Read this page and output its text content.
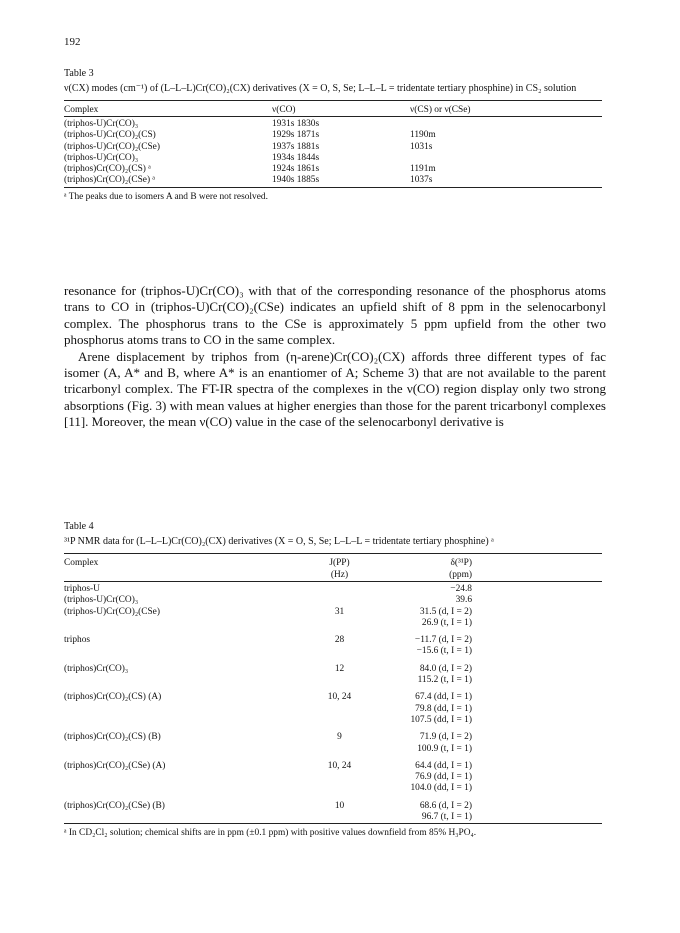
192

Table 3

ν(CX) modes (cm⁻¹) of (L–L–L)Cr(CO)₂(CX) derivatives (X = O, S, Se; L–L–L = tridentate tertiary phosphine) in CS₂ solution

Complex	ν(CO)	ν(CS) or ν(CSe)
(triphos-U)Cr(CO)₃	1931s 1830s	
(triphos-U)Cr(CO)₂(CS)	1929s 1871s	1190m
(triphos-U)Cr(CO)₂(CSe)	1937s 1881s	1031s
(triphos-U)Cr(CO)₃	1934s 1844s	
(triphos)Cr(CO)₂(CS) ᵃ	1924s 1861s	1191m
(triphos)Cr(CO)₂(CSe) ᵃ	1940s 1885s	1037s
ᵃ The peaks due to isomers A and B were not resolved.

resonance for (triphos-U)Cr(CO)₃ with that of the corresponding resonance of the phosphorus atoms trans to CO in (triphos-U)Cr(CO)₂(CSe) indicates an upfield shift of 8 ppm in the selenocarbonyl complex. The phosphorus trans to the CSe is approximately 5 ppm upfield from the other two phosphorus atoms trans to CO in the same complex.

Arene displacement by triphos from (η-arene)Cr(CO)₂(CX) affords three different types of fac isomer (A, A* and B, where A* is an enantiomer of A; Scheme 3) that are not available to the parent tricarbonyl complex. The FT-IR spectra of the complexes in the ν(CO) region display only two strong absorptions (Fig. 3) with mean values at higher energies than those for the parent tricarbonyl complexes [11]. Moreover, the mean ν(CO) value in the case of the selenocarbonyl derivative is

Table 4

³¹P NMR data for (L–L–L)Cr(CO)₂(CX) derivatives (X = O, S, Se; L–L–L = tridentate tertiary phosphine) ᵃ

Complex	J(PP)	δ(³¹P)	
	(Hz)	(ppm)	
triphos-U		−24.8	
(triphos-U)Cr(CO)₃		39.6	
(triphos-U)Cr(CO)₂(CSe)	31	31.5 (d, I = 2)	
		26.9 (t, I = 1)	
triphos	28	−11.7 (d, I = 2)	
		−15.6 (t, I = 1)	
(triphos)Cr(CO)₃	12	84.0 (d, I = 2)	
		115.2 (t, I = 1)	
(triphos)Cr(CO)₂(CS) (A)	10, 24	67.4 (dd, I = 1)	
		79.8 (dd, I = 1)	
		107.5 (dd, I = 1)	
(triphos)Cr(CO)₂(CS) (B)	9	71.9 (d, I = 2)	
		100.9 (t, I = 1)	
(triphos)Cr(CO)₂(CSe) (A)	10, 24	64.4 (dd, I = 1)	
		76.9 (dd, I = 1)	
		104.0 (dd, I = 1)	
(triphos)Cr(CO)₂(CSe) (B)	10	68.6 (d, I = 2)	
		96.7 (t, I = 1)	
ᵃ In CD₂Cl₂ solution; chemical shifts are in ppm (±0.1 ppm) with positive values downfield from 85% H₃PO₄.
